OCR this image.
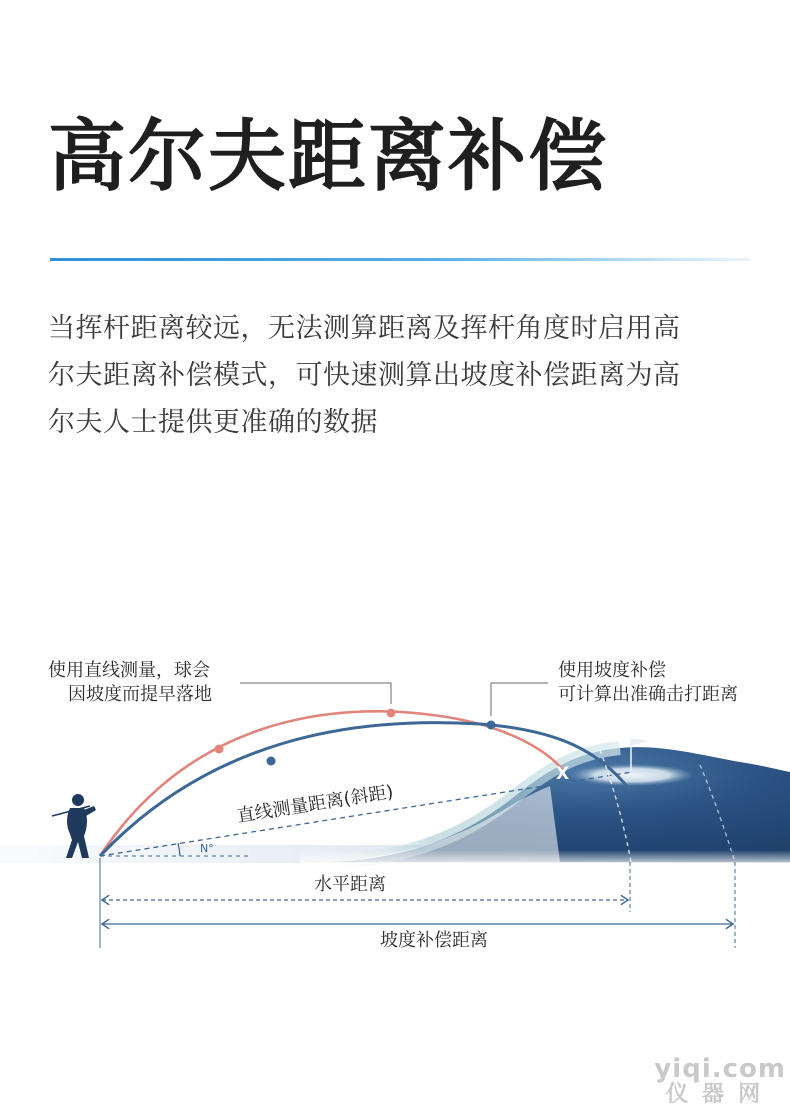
高尔夫距离补偿
当挥杆距离较远，无法测算距离及挥杆角度时启用高
尔夫距离补偿模式，可快速测算出坡度补偿距离为高
尔夫人士提供更准确的数据
N°
X
使用直线测量，球会
因坡度而提早落地
使用坡度补偿
可计算出准确击打距离
直线测量距离(斜距)
水平距离
坡度补偿距离
yiqi.com
仪器网
